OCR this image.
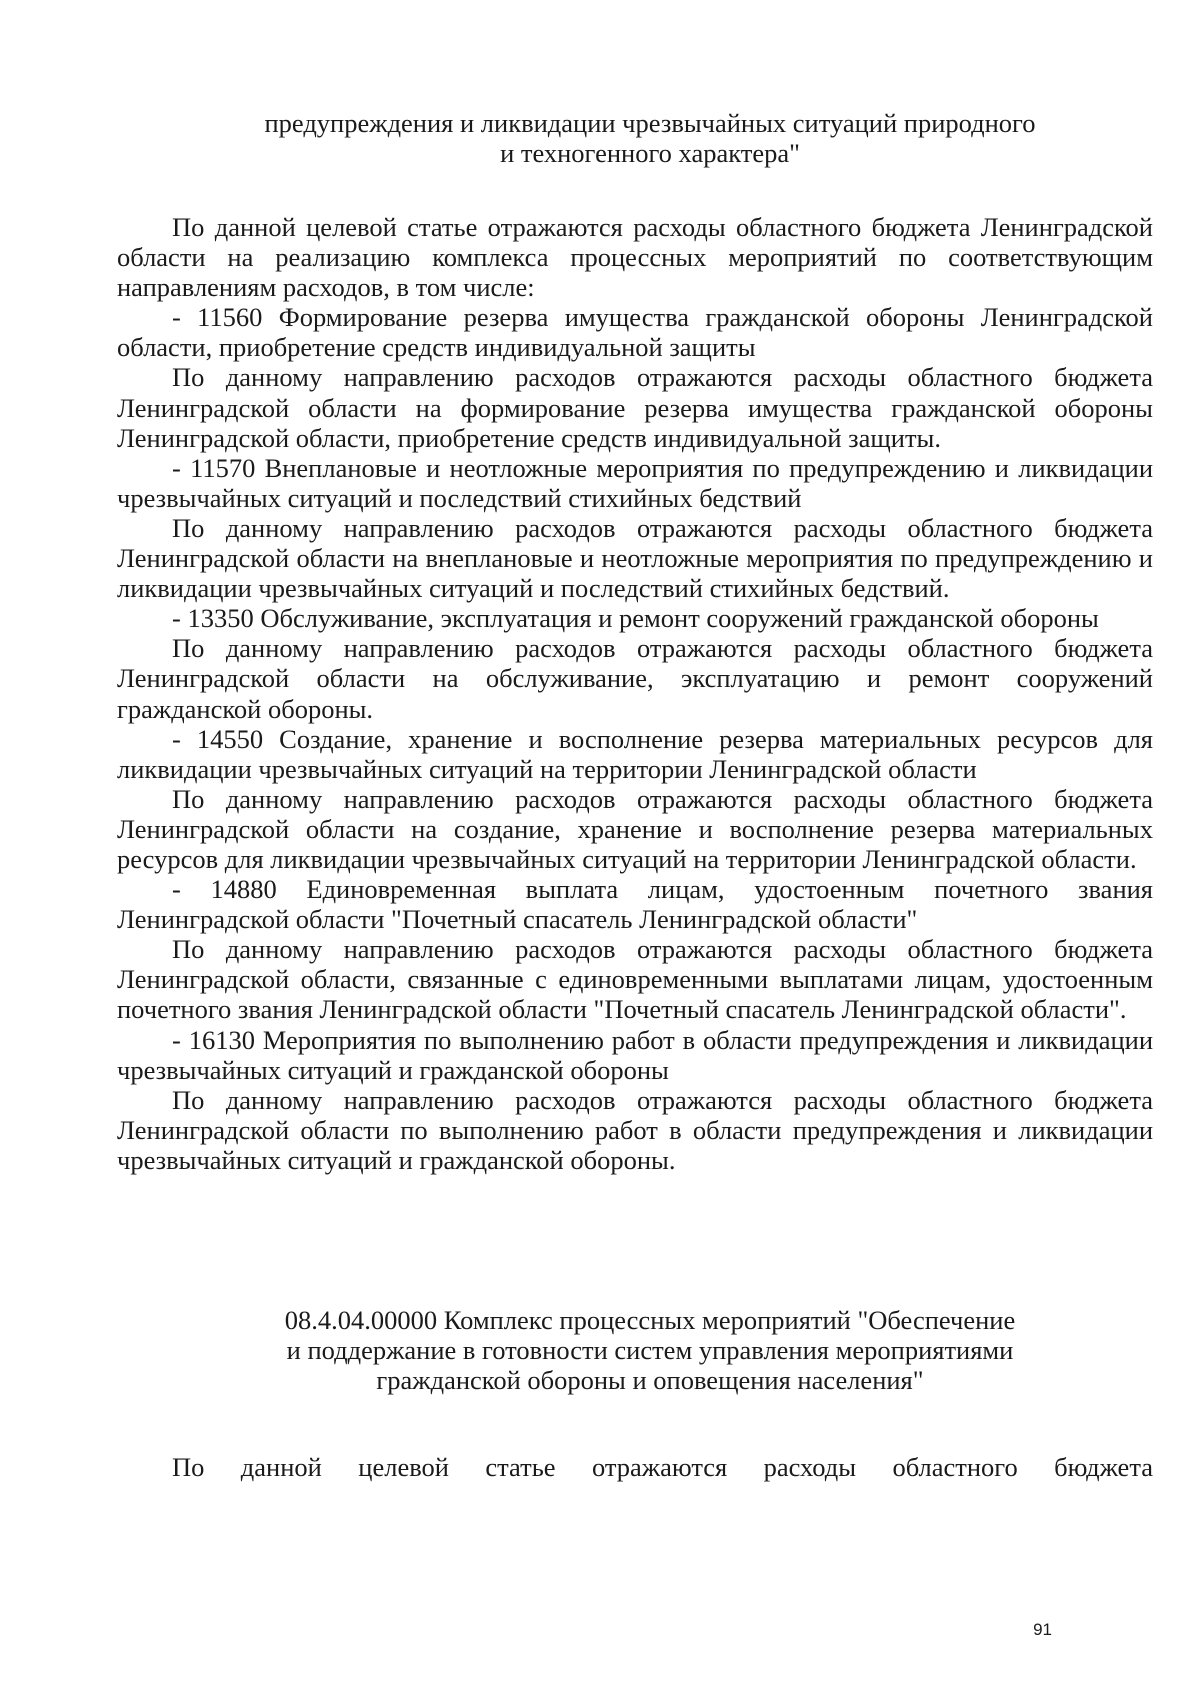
предупреждения и ликвидации чрезвычайных ситуаций природного
и техногенного характера"

По данной целевой статье отражаются расходы областного бюджета Ленинградской области на реализацию комплекса процессных мероприятий по соответствующим направлениям расходов, в том числе:

- 11560 Формирование резерва имущества гражданской обороны Ленинградской области, приобретение средств индивидуальной защиты

По данному направлению расходов отражаются расходы областного бюджета Ленинградской области на формирование резерва имущества гражданской обороны Ленинградской области, приобретение средств индивидуальной защиты.

- 11570 Внеплановые и неотложные мероприятия по предупреждению и ликвидации чрезвычайных ситуаций и последствий стихийных бедствий

По данному направлению расходов отражаются расходы областного бюджета Ленинградской области на внеплановые и неотложные мероприятия по предупреждению и ликвидации чрезвычайных ситуаций и последствий стихийных бедствий.

- 13350 Обслуживание, эксплуатация и ремонт сооружений гражданской обороны

По данному направлению расходов отражаются расходы областного бюджета Ленинградской области на обслуживание, эксплуатацию и ремонт сооружений гражданской обороны.

- 14550 Создание, хранение и восполнение резерва материальных ресурсов для ликвидации чрезвычайных ситуаций на территории Ленинградской области

По данному направлению расходов отражаются расходы областного бюджета Ленинградской области на создание, хранение и восполнение резерва материальных ресурсов для ликвидации чрезвычайных ситуаций на территории Ленинградской области.

- 14880 Единовременная выплата лицам, удостоенным почетного звания Ленинградской области "Почетный спасатель Ленинградской области"

По данному направлению расходов отражаются расходы областного бюджета Ленинградской области, связанные с единовременными выплатами лицам, удостоенным почетного звания Ленинградской области "Почетный спасатель Ленинградской области".

- 16130 Мероприятия по выполнению работ в области предупреждения и ликвидации чрезвычайных ситуаций и гражданской обороны

По данному направлению расходов отражаются расходы областного бюджета Ленинградской области по выполнению работ в области предупреждения и ликвидации чрезвычайных ситуаций и гражданской обороны.

08.4.04.00000 Комплекс процессных мероприятий "Обеспечение
и поддержание в готовности систем управления мероприятиями
гражданской обороны и оповещения населения"

По данной целевой статье отражаются расходы областного бюджета

91
